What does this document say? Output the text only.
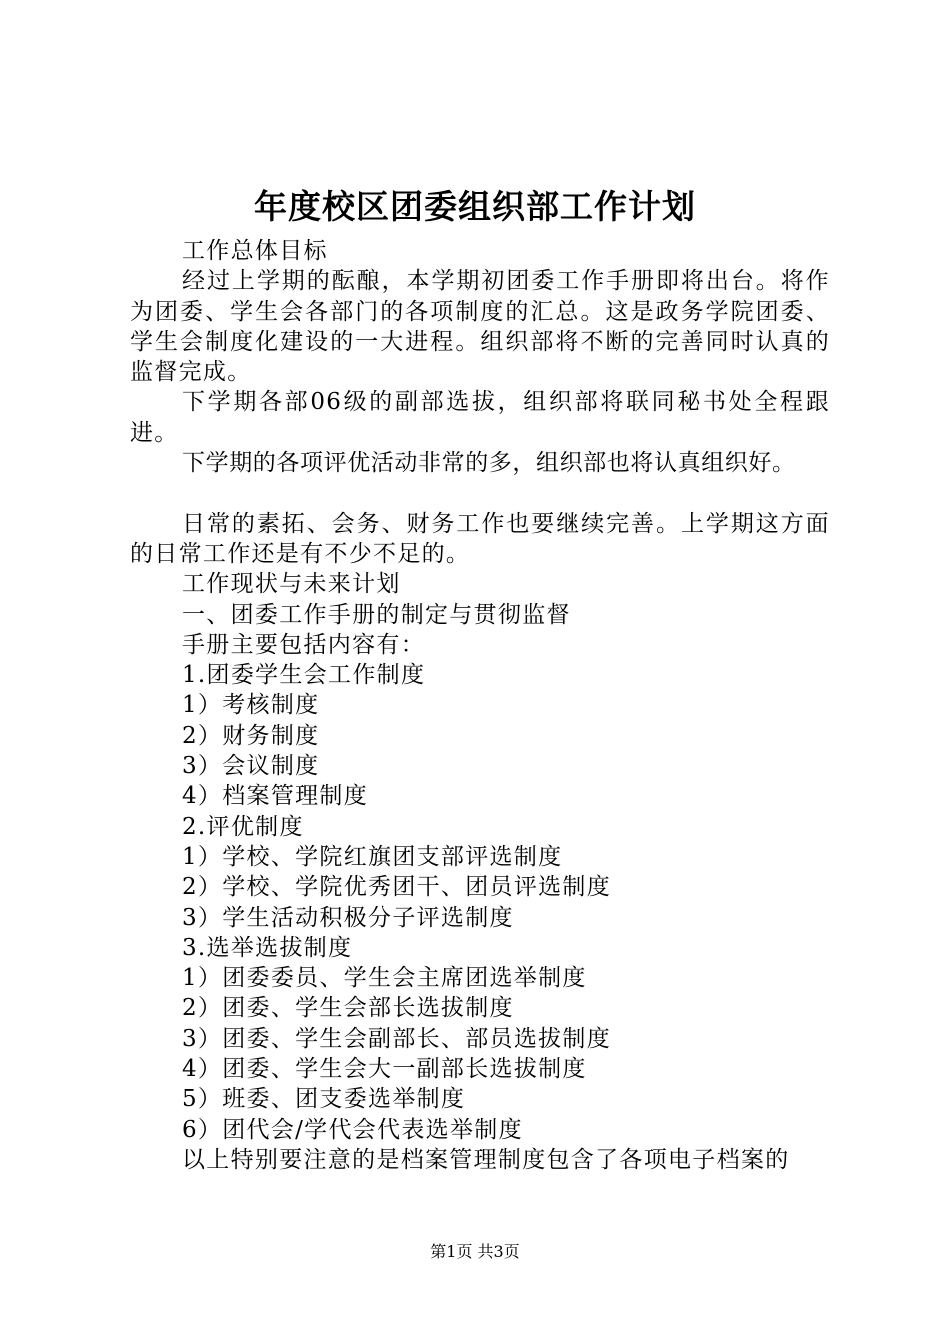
年度校区团委组织部工作计划

工作总体目标

经过上学期的酝酿，本学期初团委工作手册即将出台。将作为团委、学生会各部门的各项制度的汇总。这是政务学院团委、学生会制度化建设的一大进程。组织部将不断的完善同时认真的监督完成。

下学期各部06级的副部选拔，组织部将联同秘书处全程跟进。

下学期的各项评优活动非常的多，组织部也将认真组织好。

日常的素拓、会务、财务工作也要继续完善。上学期这方面的日常工作还是有不少不足的。

工作现状与未来计划

一、团委工作手册的制定与贯彻监督

手册主要包括内容有：

1.团委学生会工作制度

1）考核制度

2）财务制度

3）会议制度

4）档案管理制度

2.评优制度

1）学校、学院红旗团支部评选制度

2）学校、学院优秀团干、团员评选制度

3）学生活动积极分子评选制度

3.选举选拔制度

1）团委委员、学生会主席团选举制度

2）团委、学生会部长选拔制度

3）团委、学生会副部长、部员选拔制度

4）团委、学生会大一副部长选拔制度

5）班委、团支委选举制度

6）团代会/学代会代表选举制度

以上特别要注意的是档案管理制度包含了各项电子档案的

第1页 共3页
